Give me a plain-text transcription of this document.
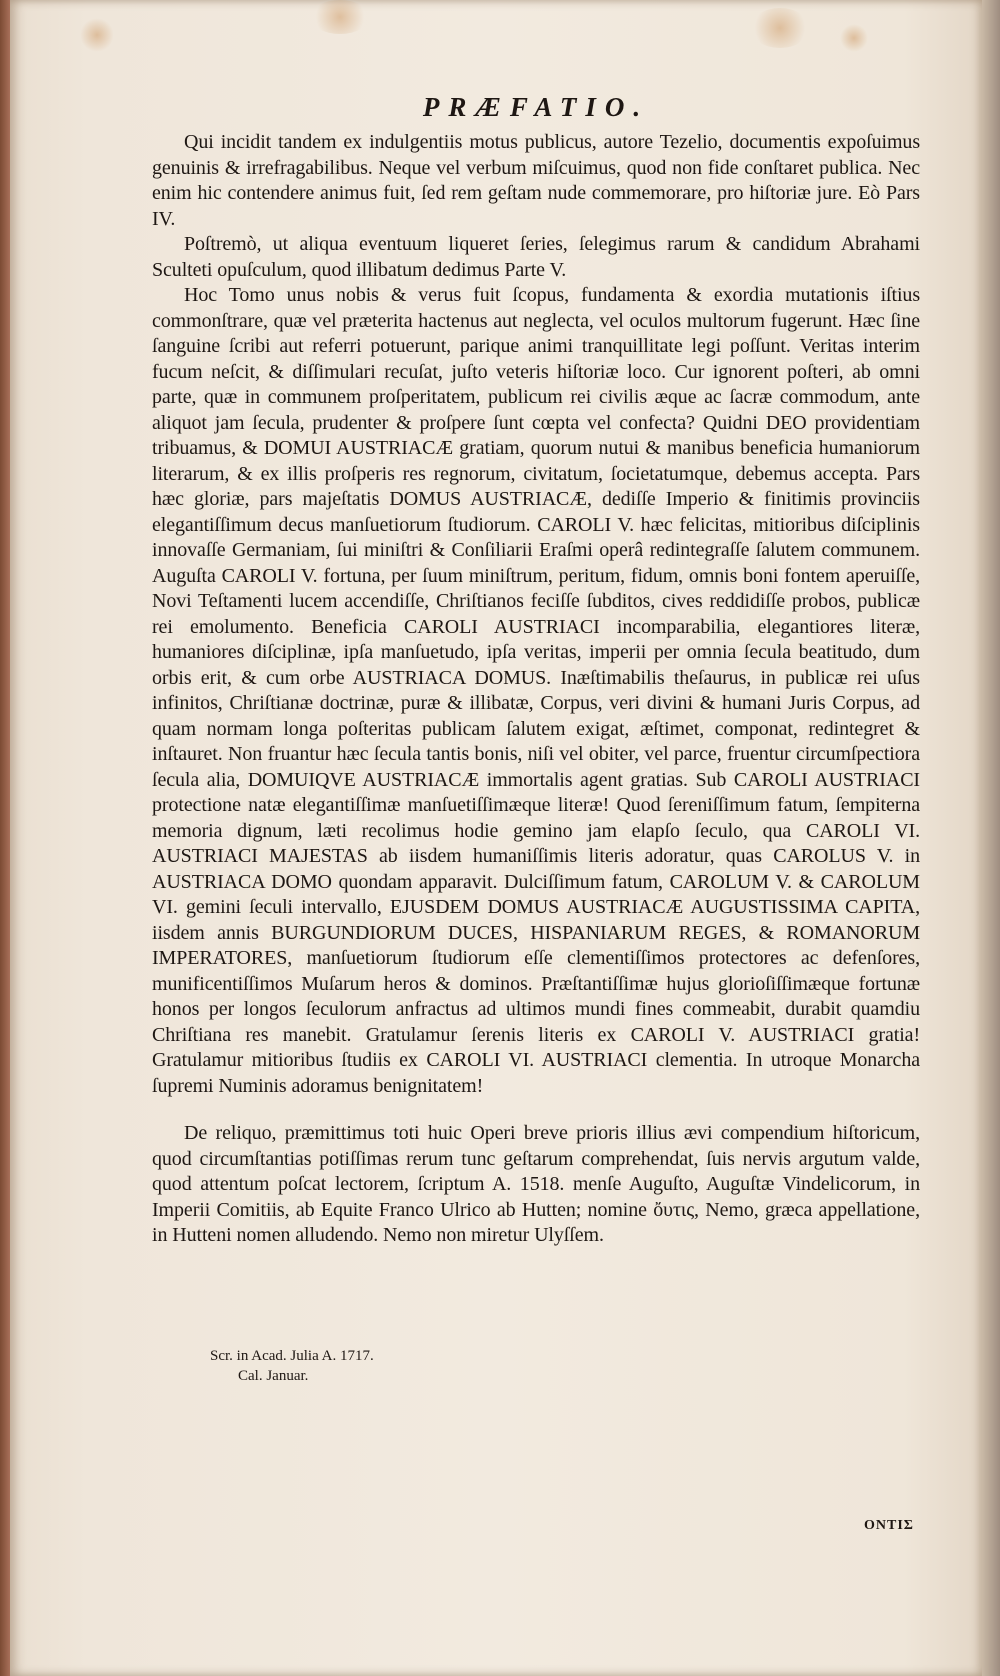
PRÆFATIO.

Qui incidit tandem ex indulgentiis motus publicus, autore Tezelio, documentis expoſuimus genuinis & irrefragabilibus. Neque vel verbum miſcuimus, quod non fide conſtaret publica. Nec enim hic contendere animus fuit, ſed rem geſtam nude commemorare, pro hiſtoriæ jure. Eò Pars IV.

Poſtremò, ut aliqua eventuum liqueret ſeries, ſelegimus rarum & candidum Abrahami Sculteti opuſculum, quod illibatum dedimus Parte V.

Hoc Tomo unus nobis & verus fuit ſcopus, fundamenta & exordia mutationis iſtius commonſtrare, quæ vel præterita hactenus aut neglecta, vel oculos multorum fugerunt. Hæc ſine ſanguine ſcribi aut referri potuerunt, parique animi tranquillitate legi poſſunt. Veritas interim fucum neſcit, & diſſimulari recuſat, juſto veteris hiſtoriæ loco. Cur ignorent poſteri, ab omni parte, quæ in communem proſperitatem, publicum rei civilis æque ac ſacræ commodum, ante aliquot jam ſecula, prudenter & proſpere ſunt cœpta vel confecta? Quidni DEO providentiam tribuamus, & DOMUI AUSTRIACÆ gratiam, quorum nutui & manibus beneficia humaniorum literarum, & ex illis proſperis res regnorum, civitatum, ſocietatumque, debemus accepta. Pars hæc gloriæ, pars majeſtatis DOMUS AUSTRIACÆ, dediſſe Imperio & finitimis provinciis elegantiſſimum decus manſuetiorum ſtudiorum. CAROLI V. hæc felicitas, mitioribus diſciplinis innovaſſe Germaniam, ſui miniſtri & Conſiliarii Eraſmi operâ redintegraſſe ſalutem communem. Auguſta CAROLI V. fortuna, per ſuum miniſtrum, peritum, fidum, omnis boni fontem aperuiſſe, Novi Teſtamenti lucem accendiſſe, Chriſtianos feciſſe ſubditos, cives reddidiſſe probos, publicæ rei emolumento. Beneficia CAROLI AUSTRIACI incomparabilia, elegantiores literæ, humaniores diſciplinæ, ipſa manſuetudo, ipſa veritas, imperii per omnia ſecula beatitudo, dum orbis erit, & cum orbe AUSTRIACA DOMUS. Inæſtimabilis theſaurus, in publicæ rei uſus infinitos, Chriſtianæ doctrinæ, puræ & illibatæ, Corpus, veri divini & humani Juris Corpus, ad quam normam longa poſteritas publicam ſalutem exigat, æſtimet, componat, redintegret & inſtauret. Non fruantur hæc ſecula tantis bonis, niſi vel obiter, vel parce, fruentur circumſpectiora ſecula alia, DOMUIQVE AUSTRIACÆ immortalis agent gratias. Sub CAROLI AUSTRIACI protectione natæ elegantiſſimæ manſuetiſſimæque literæ! Quod ſereniſſimum fatum, ſempiterna memoria dignum, læti recolimus hodie gemino jam elapſo ſeculo, qua CAROLI VI. AUSTRIACI MAJESTAS ab iisdem humaniſſimis literis adoratur, quas CAROLUS V. in AUSTRIACA DOMO quondam apparavit. Dulciſſimum fatum, CAROLUM V. & CAROLUM VI. gemini ſeculi intervallo, EJUSDEM DOMUS AUSTRIACÆ AUGUSTISSIMA CAPITA, iisdem annis BURGUNDIORUM DUCES, HISPANIARUM REGES, & ROMANORUM IMPERATORES, manſuetiorum ſtudiorum eſſe clementiſſimos protectores ac defenſores, munificentiſſimos Muſarum heros & dominos. Præſtantiſſimæ hujus glorioſiſſimæque fortunæ honos per longos ſeculorum anfractus ad ultimos mundi fines commeabit, durabit quamdiu Chriſtiana res manebit. Gratulamur ſerenis literis ex CAROLI V. AUSTRIACI gratia! Gratulamur mitioribus ſtudiis ex CAROLI VI. AUSTRIACI clementia. In utroque Monarcha ſupremi Numinis adoramus benignitatem!

De reliquo, præmittimus toti huic Operi breve prioris illius ævi compendium hiſtoricum, quod circumſtantias potiſſimas rerum tunc geſtarum comprehendat, ſuis nervis argutum valde, quod attentum poſcat lectorem, ſcriptum A. 1518. menſe Auguſto, Auguſtæ Vindelicorum, in Imperii Comitiis, ab Equite Franco Ulrico ab Hutten; nomine ὄυτις, Nemo, græca appellatione, in Hutteni nomen alludendo. Nemo non miretur Ulyſſem.

Scr. in Acad. Julia A. 1717.
Cal. Januar.
ΟΝΤΙΣ
